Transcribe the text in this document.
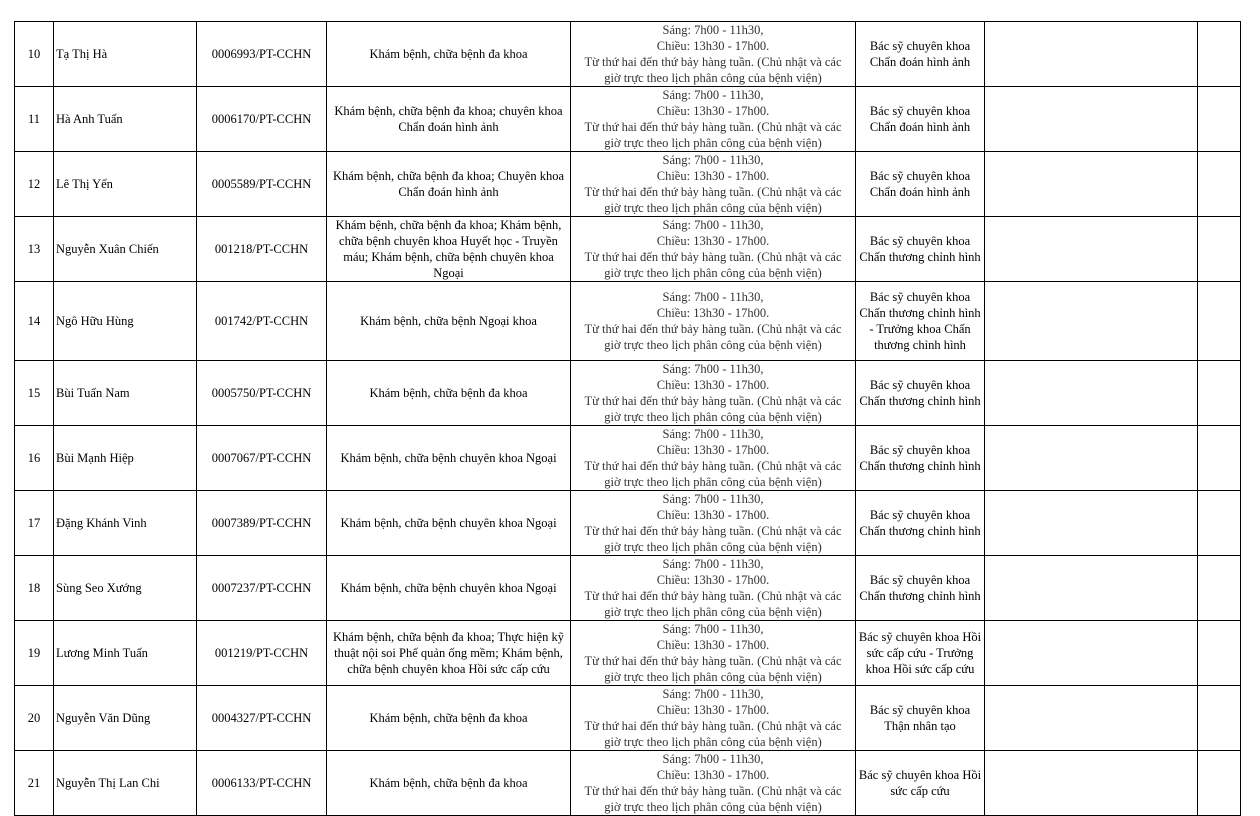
10	Tạ Thị Hà	0006993/PT-CCHN	Khám bệnh, chữa bệnh đa khoa	Sáng: 7h00 - 11h30,
Chiều: 13h30 - 17h00.
Từ thứ hai đến thứ bảy hàng tuần. (Chủ nhật và các
giờ trực theo lịch phân công của bệnh viện)	Bác sỹ chuyên khoa Chẩn đoán hình ảnh		
11	Hà Anh Tuấn	0006170/PT-CCHN	Khám bệnh, chữa bệnh đa khoa; chuyên khoa Chẩn đoán hình ảnh	Sáng: 7h00 - 11h30,
Chiều: 13h30 - 17h00.
Từ thứ hai đến thứ bảy hàng tuần. (Chủ nhật và các
giờ trực theo lịch phân công của bệnh viện)	Bác sỹ chuyên khoa Chẩn đoán hình ảnh		
12	Lê Thị Yến	0005589/PT-CCHN	Khám bệnh, chữa bệnh đa khoa; Chuyên khoa Chẩn đoán hình ảnh	Sáng: 7h00 - 11h30,
Chiều: 13h30 - 17h00.
Từ thứ hai đến thứ bảy hàng tuần. (Chủ nhật và các
giờ trực theo lịch phân công của bệnh viện)	Bác sỹ chuyên khoa Chẩn đoán hình ảnh		
13	Nguyễn Xuân Chiến	001218/PT-CCHN	Khám bệnh, chữa bệnh đa khoa; Khám bệnh, chữa bệnh chuyên khoa Huyết học - Truyền máu; Khám bệnh, chữa bệnh chuyên khoa Ngoại	Sáng: 7h00 - 11h30,
Chiều: 13h30 - 17h00.
Từ thứ hai đến thứ bảy hàng tuần. (Chủ nhật và các
giờ trực theo lịch phân công của bệnh viện)	Bác sỹ chuyên khoa Chấn thương chỉnh hình		
14	Ngô Hữu Hùng	001742/PT-CCHN	Khám bệnh, chữa bệnh Ngoại khoa	Sáng: 7h00 - 11h30,
Chiều: 13h30 - 17h00.
Từ thứ hai đến thứ bảy hàng tuần. (Chủ nhật và các
giờ trực theo lịch phân công của bệnh viện)	Bác sỹ chuyên khoa Chấn thương chỉnh hình - Trưởng khoa Chấn thương chỉnh hình		
15	Bùi Tuấn Nam	0005750/PT-CCHN	Khám bệnh, chữa bệnh đa khoa	Sáng: 7h00 - 11h30,
Chiều: 13h30 - 17h00.
Từ thứ hai đến thứ bảy hàng tuần. (Chủ nhật và các
giờ trực theo lịch phân công của bệnh viện)	Bác sỹ chuyên khoa Chấn thương chỉnh hình		
16	Bùi Mạnh Hiệp	0007067/PT-CCHN	Khám bệnh, chữa bệnh chuyên khoa Ngoại	Sáng: 7h00 - 11h30,
Chiều: 13h30 - 17h00.
Từ thứ hai đến thứ bảy hàng tuần. (Chủ nhật và các
giờ trực theo lịch phân công của bệnh viện)	Bác sỹ chuyên khoa Chấn thương chỉnh hình		
17	Đặng Khánh Vinh	0007389/PT-CCHN	Khám bệnh, chữa bệnh chuyên khoa Ngoại	Sáng: 7h00 - 11h30,
Chiều: 13h30 - 17h00.
Từ thứ hai đến thứ bảy hàng tuần. (Chủ nhật và các
giờ trực theo lịch phân công của bệnh viện)	Bác sỹ chuyên khoa Chấn thương chỉnh hình		
18	Sùng Seo Xướng	0007237/PT-CCHN	Khám bệnh, chữa bệnh chuyên khoa Ngoại	Sáng: 7h00 - 11h30,
Chiều: 13h30 - 17h00.
Từ thứ hai đến thứ bảy hàng tuần. (Chủ nhật và các
giờ trực theo lịch phân công của bệnh viện)	Bác sỹ chuyên khoa Chấn thương chỉnh hình		
19	Lương Minh Tuấn	001219/PT-CCHN	Khám bệnh, chữa bệnh đa khoa; Thực hiện kỹ thuật nội soi Phế quản ống mềm; Khám bệnh, chữa bệnh chuyên khoa Hồi sức cấp cứu	Sáng: 7h00 - 11h30,
Chiều: 13h30 - 17h00.
Từ thứ hai đến thứ bảy hàng tuần. (Chủ nhật và các
giờ trực theo lịch phân công của bệnh viện)	Bác sỹ chuyên khoa Hồi sức cấp cứu - Trưởng khoa Hồi sức cấp cứu		
20	Nguyễn Văn Dũng	0004327/PT-CCHN	Khám bệnh, chữa bệnh đa khoa	Sáng: 7h00 - 11h30,
Chiều: 13h30 - 17h00.
Từ thứ hai đến thứ bảy hàng tuần. (Chủ nhật và các
giờ trực theo lịch phân công của bệnh viện)	Bác sỹ chuyên khoa Thận nhân tạo		
21	Nguyễn Thị Lan Chi	0006133/PT-CCHN	Khám bệnh, chữa bệnh đa khoa	Sáng: 7h00 - 11h30,
Chiều: 13h30 - 17h00.
Từ thứ hai đến thứ bảy hàng tuần. (Chủ nhật và các
giờ trực theo lịch phân công của bệnh viện)	Bác sỹ chuyên khoa Hồi sức cấp cứu		
